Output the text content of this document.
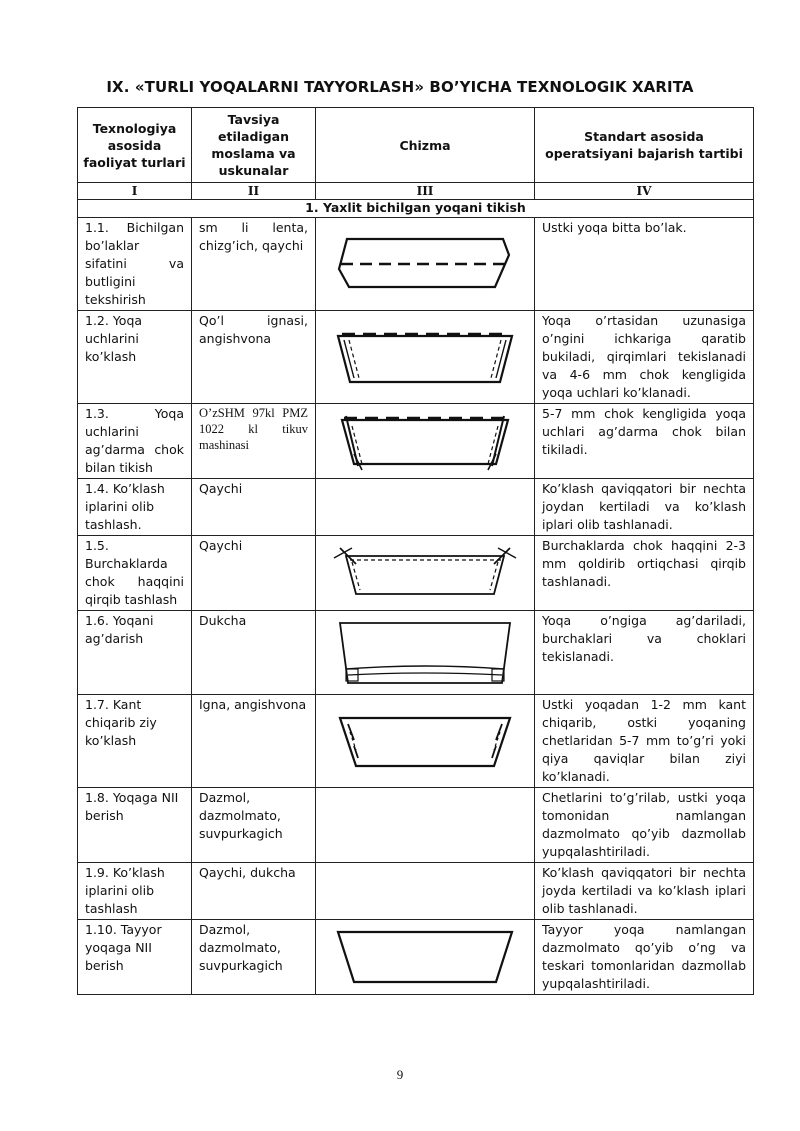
IX. «TURLI YOQALARNI TAYYORLASH» BO’YICHA TEXNOLOGIK XARITA
Texnologiya asosida faoliyat turlari	Tavsiya etiladigan moslama va uskunalar	Chizma	Standart asosida operatsiyani bajarish tartibi
I	II	III	IV
1. Yaxlit bichilgan yoqani tikish			
1.1. Bichilgan bo’laklar sifatini va butligini tekshirish	sm li lenta, chizg’ich, qaychi		Ustki yoqa bitta bo’lak.
1.2. Yoqa uchlarini ko’klash	Qo’l ignasi, angishvona		Yoqa o’rtasidan uzunasiga o’ngini ichkariga qaratib bukiladi, qirqimlari tekislanadi va 4-6 mm chok kengligida yoqa uchlari ko’klanadi.
1.3. Yoqa uchlarini ag’darma chok bilan tikish	O’zSHM 97kl PMZ 1022 kl tikuv mashinasi		5-7 mm chok kengligida yoqa uchlari ag’darma chok bilan tikiladi.
1.4. Ko’klash iplarini olib tashlash.	Qaychi		Ko’klash qaviqqatori bir nechta joydan kertiladi va ko’klash iplari olib tashlanadi.
1.5. Burchaklarda chok haqqini qirqib tashlash	Qaychi		Burchaklarda chok haqqini 2-3 mm qoldirib ortiqchasi qirqib tashlanadi.
1.6. Yoqani ag’darish	Dukcha		Yoqa o’ngiga ag’dariladi, burchaklari va choklari tekislanadi.
1.7. Kant chiqarib ziy ko’klash	Igna, angishvona		Ustki yoqadan 1-2 mm kant chiqarib, ostki yoqaning chetlaridan 5-7 mm to’g’ri yoki qiya qaviqlar bilan ziyi ko’klanadi.
1.8. Yoqaga NII berish	Dazmol, dazmolmato, suvpurkagich		Chetlarini to’g’rilab, ustki yoqa tomonidan namlangan dazmolmato qo’yib dazmollab yupqalashtiriladi.
1.9. Ko’klash iplarini olib tashlash	Qaychi, dukcha		Ko’klash qaviqqatori bir nechta joyda kertiladi va ko’klash iplari olib tashlanadi.
1.10. Tayyor yoqaga NII berish	Dazmol, dazmolmato, suvpurkagich		Tayyor yoqa namlangan dazmolmato qo’yib o’ng va teskari tomonlaridan dazmollab yupqalashtiriladi.
9
